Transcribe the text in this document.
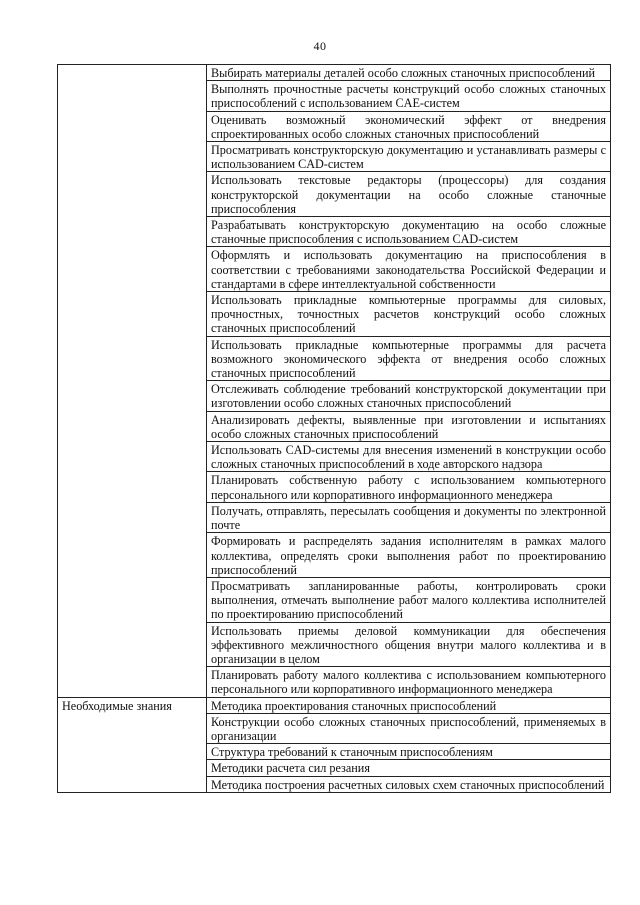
40
	Выбирать материалы деталей особо сложных станочных приспособлений
	Выполнять прочностные расчеты конструкций особо сложных станочных приспособлений с использованием CAE-систем
	Оценивать возможный экономический эффект от внедрения спроектированных особо сложных станочных приспособлений
	Просматривать конструкторскую документацию и устанавливать размеры с использованием CAD-систем
	Использовать текстовые редакторы (процессоры) для создания конструкторской документации на особо сложные станочные приспособления
	Разрабатывать конструкторскую документацию на особо сложные станочные приспособления с использованием CAD-систем
	Оформлять и использовать документацию на приспособления в соответствии с требованиями законодательства Российской Федерации и стандартами в сфере интеллектуальной собственности
	Использовать прикладные компьютерные программы для силовых, прочностных, точностных расчетов конструкций особо сложных станочных приспособлений
	Использовать прикладные компьютерные программы для расчета возможного экономического эффекта от внедрения особо сложных станочных приспособлений
	Отслеживать соблюдение требований конструкторской документации при изготовлении особо сложных станочных приспособлений
	Анализировать дефекты, выявленные при изготовлении и испытаниях особо сложных станочных приспособлений
	Использовать CAD-системы для внесения изменений в конструкции особо сложных станочных приспособлений в ходе авторского надзора
	Планировать собственную работу с использованием компьютерного персонального или корпоративного информационного менеджера
	Получать, отправлять, пересылать сообщения и документы по электронной почте
	Формировать и распределять задания исполнителям в рамках малого коллектива, определять сроки выполнения работ по проектированию приспособлений
	Просматривать запланированные работы, контролировать сроки выполнения, отмечать выполнение работ малого коллектива исполнителей по проектированию приспособлений
	Использовать приемы деловой коммуникации для обеспечения эффективного межличностного общения внутри малого коллектива и в организации в целом
	Планировать работу малого коллектива с использованием компьютерного персонального или корпоративного информационного менеджера
Необходимые знания	Методика проектирования станочных приспособлений
	Конструкции особо сложных станочных приспособлений, применяемых в организации
	Структура требований к станочным приспособлениям
	Методики расчета сил резания
	Методика построения расчетных силовых схем станочных приспособлений
